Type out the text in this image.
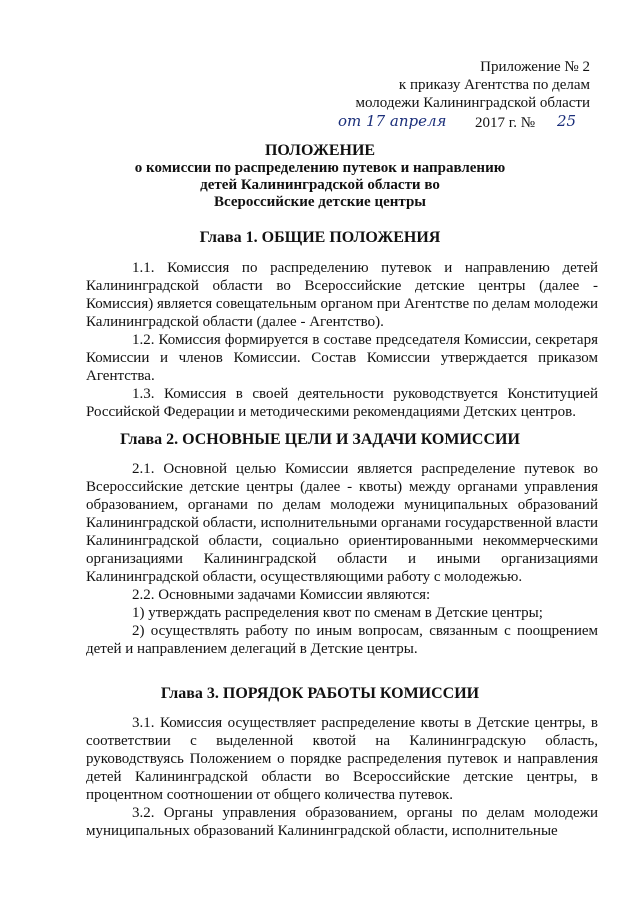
Приложение № 2
к приказу Агентства по делам
молодежи Калининградской области
от 17 апреля 2017 г. № 25
ПОЛОЖЕНИЕ
о комиссии по распределению путевок и направлению
детей Калининградской области во
Всероссийские детские центры
Глава 1. ОБЩИЕ ПОЛОЖЕНИЯ

1.1. Комиссия по распределению путевок и направлению детей Калининградской области во Всероссийские детские центры (далее - Комиссия) является совещательным органом при Агентстве по делам молодежи Калининградской области (далее - Агентство).

1.2. Комиссия формируется в составе председателя Комиссии, секретаря Комиссии и членов Комиссии. Состав Комиссии утверждается приказом Агентства.

1.3. Комиссия в своей деятельности руководствуется Конституцией Российской Федерации и методическими рекомендациями Детских центров.

Глава 2. ОСНОВНЫЕ ЦЕЛИ И ЗАДАЧИ КОМИССИИ

2.1. Основной целью Комиссии является распределение путевок во Всероссийские детские центры (далее - квоты) между органами управления образованием, органами по делам молодежи муниципальных образований Калининградской области, исполнительными органами государственной власти Калининградской области, социально ориентированными некоммерческими организациями Калининградской области и иными организациями Калининградской области, осуществляющими работу с молодежью.

2.2. Основными задачами Комиссии являются:

1) утверждать распределения квот по сменам в Детские центры;

2) осуществлять работу по иным вопросам, связанным с поощрением детей и направлением делегаций в Детские центры.

Глава 3. ПОРЯДОК РАБОТЫ КОМИССИИ

3.1. Комиссия осуществляет распределение квоты в Детские центры, в соответствии с выделенной квотой на Калининградскую область, руководствуясь Положением о порядке распределения путевок и направления детей Калининградской области во Всероссийские детские центры, в процентном соотношении от общего количества путевок.

3.2. Органы управления образованием, органы по делам молодежи муниципальных образований Калининградской области, исполнительные
